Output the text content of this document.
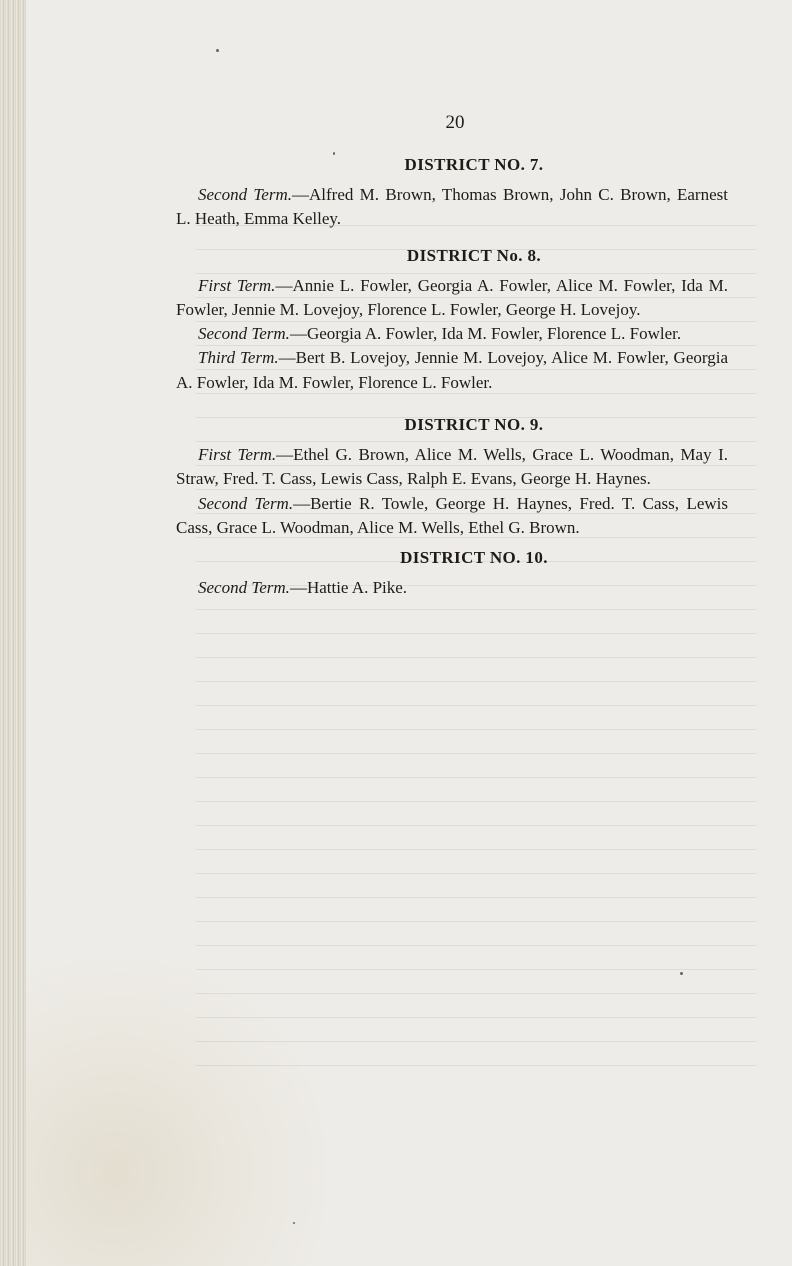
20
DISTRICT NO. 7.

Second Term.—Alfred M. Brown, Thomas Brown, John C. Brown, Earnest L. Heath, Emma Kelley.

DISTRICT No. 8.

First Term.—Annie L. Fowler, Georgia A. Fowler, Alice M. Fowler, Ida M. Fowler, Jennie M. Lovejoy, Florence L. Fowler, George H. Lovejoy.

Second Term.—Georgia A. Fowler, Ida M. Fowler, Florence L. Fowler.

Third Term.—Bert B. Lovejoy, Jennie M. Lovejoy, Alice M. Fowler, Georgia A. Fowler, Ida M. Fowler, Florence L. Fowler.

DISTRICT NO. 9.

First Term.—Ethel G. Brown, Alice M. Wells, Grace L. Woodman, May I. Straw, Fred. T. Cass, Lewis Cass, Ralph E. Evans, George H. Haynes.

Second Term.—Bertie R. Towle, George H. Haynes, Fred. T. Cass, Lewis Cass, Grace L. Woodman, Alice M. Wells, Ethel G. Brown.

DISTRICT NO. 10.

Second Term.—Hattie A. Pike.
